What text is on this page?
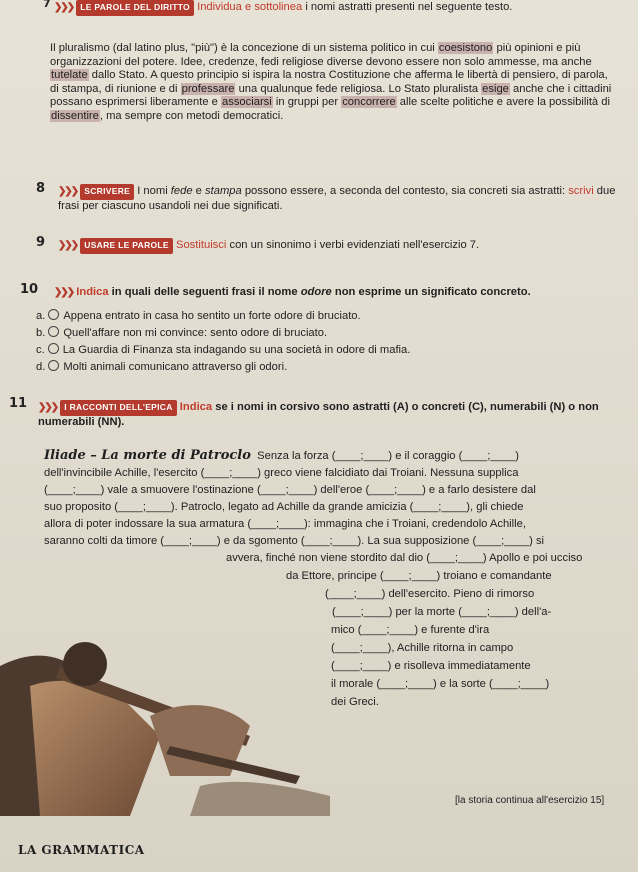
7 ❯❯❯ LE PAROLE DEL DIRITTO Individua e sottolinea i nomi astratti presenti nel seguente testo.
Il pluralismo (dal latino plus, "più") è la concezione di un sistema politico in cui coesistono più opinioni e più organizzazioni del potere. Idee, credenze, fedi religiose diverse devono essere non solo ammesse, ma anche tutelate dallo Stato. A questo principio si ispira la nostra Costituzione che afferma le libertà di pensiero, di parola, di stampa, di riunione e di professare una qualunque fede religiosa. Lo Stato pluralista esige anche che i cittadini possano esprimersi liberamente e associarsi in gruppi per concorrere alle scelte politiche e avere la possibilità di dissentire, ma sempre con metodi democratici.
8 ❯❯❯ SCRIVERE I nomi fede e stampa possono essere, a seconda del contesto, sia concreti sia astratti: scrivi due frasi per ciascuno usandoli nei due significati.
9 ❯❯❯ USARE LE PAROLE Sostituisci con un sinonimo i verbi evidenziati nell'esercizio 7.
10 ❯❯❯ Indica in quali delle seguenti frasi il nome odore non esprime un significato concreto.
a. Appena entrato in casa ho sentito un forte odore di bruciato.
b. Quell'affare non mi convince: sento odore di bruciato.
c. La Guardia di Finanza sta indagando su una società in odore di mafia.
d. Molti animali comunicano attraverso gli odori.
11 ❯❯❯ I RACCONTI DELL'EPICA Indica se i nomi in corsivo sono astratti (A) o concreti (C), numerabili (N) o non numerabili (NN).
Iliade – La morte di Patroclo Senza la forza (____;____) e il coraggio (____;____)
dell'invincibile Achille, l'esercito (____;____) greco viene falcidiato dai Troiani. Nessuna supplica
(____;____) vale a smuovere l'ostinazione (____;____) dell'eroe (____;____) e a farlo desistere dal
suo proposito (____;____). Patroclo, legato ad Achille da grande amicizia (____;____), gli chiede
allora di poter indossare la sua armatura (____;____): immagina che i Troiani, credendolo Achille,
saranno colti da timore (____;____) e da sgomento (____;____). La sua supposizione (____;____) si
avvera, finché non viene stordito dal dio (____;____) Apollo e poi ucciso
da Ettore, principe (____;____) troiano e comandante
(____;____) dell'esercito. Pieno di rimorso
(____;____) per la morte (____;____) dell'a-
mico (____;____) e furente d'ira
(____;____), Achille ritorna in campo
(____;____) e risolleva immediatamente
il morale (____;____) e la sorte (____;____)
dei Greci.
[la storia continua all'esercizio 15]
LA GRAMMATICA
